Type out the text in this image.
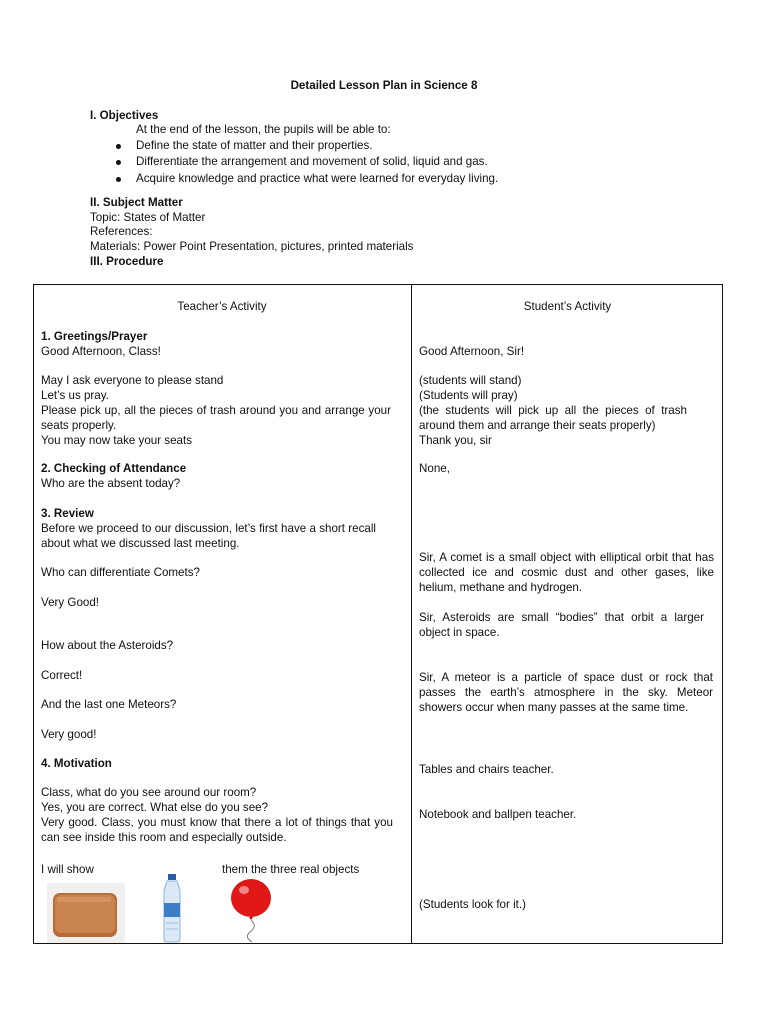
Detailed Lesson Plan in Science 8
I. Objectives
At the end of the lesson, the pupils will be able to:
Define the state of matter and their properties.
Differentiate the arrangement and movement of solid, liquid and gas.
Acquire knowledge and practice what were learned for everyday living.
II. Subject Matter
Topic: States of Matter
References:
Materials: Power Point Presentation, pictures, printed materials
III. Procedure
Teacher’s Activity	Student’s Activity
1. Greetings/Prayer
Good Afternoon, Class!
May I ask everyone to please stand
Let’s us pray.
Please pick up, all the pieces of trash around you and arrange your seats properly.
You may now take your seats
2. Checking of Attendance
Who are the absent today?
3. Review
Before we proceed to our discussion, let’s first have a short recall about what we discussed last meeting.
Who can differentiate Comets?
Very Good!
How about the Asteroids?
Correct!
And the last one Meteors?
Very good!
4. Motivation
Class, what do you see around our room?
Yes, you are correct. What else do you see?
Very good. Class, you must know that there a lot of things that you can see inside this room and especially outside.
I will show	them the three real objects
Good Afternoon, Sir!
(students will stand)
(Students will pray)
(the students will pick up all the pieces of trash around them and arrange their seats properly)
Thank you, sir
None,
Sir, A comet is a small object with elliptical orbit that has collected ice and cosmic dust and other gases, like helium, methane and hydrogen.
Sir, Asteroids are small “bodies” that orbit a larger object in space.
Sir, A meteor is a particle of space dust or rock that passes the earth’s atmosphere in the sky. Meteor showers occur when many passes at the same time.
Tables and chairs teacher.
Notebook and ballpen teacher.
(Students look for it.)
